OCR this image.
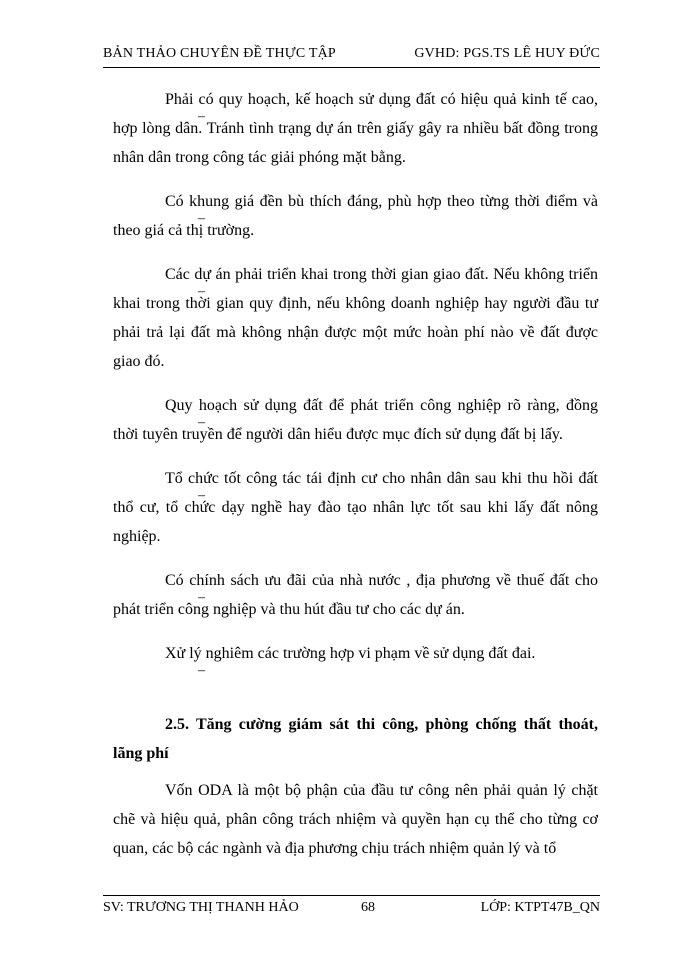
BẢN THẢO CHUYÊN ĐỀ THỰC TẬP	GVHD: PGS.TS LÊ HUY ĐỨC

–
Phải có quy hoạch, kế hoạch sử dụng đất có hiệu quả kinh tế cao, hợp lòng dân. Tránh tình trạng dự án trên giấy gây ra nhiều bất đồng trong nhân dân trong công tác giải phóng mặt bằng.

–
Có khung giá đền bù thích đáng, phù hợp theo từng thời điểm và theo giá cả thị trường.

–
Các dự án phải triển khai trong thời gian giao đất. Nếu không triển khai trong thời gian quy định, nếu không doanh nghiệp hay người đầu tư phải trả lại đất mà không nhận được một mức hoàn phí nào về đất được giao đó.

–
Quy hoạch sử dụng đất để phát triển công nghiệp rõ ràng, đồng thời tuyên truyền để người dân hiểu được mục đích sử dụng đất bị lấy.

–
Tổ chức tốt công tác tái định cư cho nhân dân sau khi thu hồi đất thổ cư, tổ chức dạy nghề hay đào tạo nhân lực tốt sau khi lấy đất nông nghiệp.

–
Có chính sách ưu đãi của nhà nước , địa phương về thuế đất cho phát triển công nghiệp và thu hút đầu tư cho các dự án.

–
Xử lý nghiêm các trường hợp vi phạm về sử dụng đất đai.

2.5. Tăng cường giám sát thi công, phòng chống thất thoát, lãng phí

Vốn ODA là một bộ phận của đầu tư công nên phải quản lý chặt chẽ và hiệu quả, phân công trách nhiệm và quyền hạn cụ thể cho từng cơ quan, các bộ các ngành và địa phương chịu trách nhiệm quản lý và tổ

SV: TRƯƠNG THỊ THANH HẢO	68	LỚP: KTPT47B_QN
